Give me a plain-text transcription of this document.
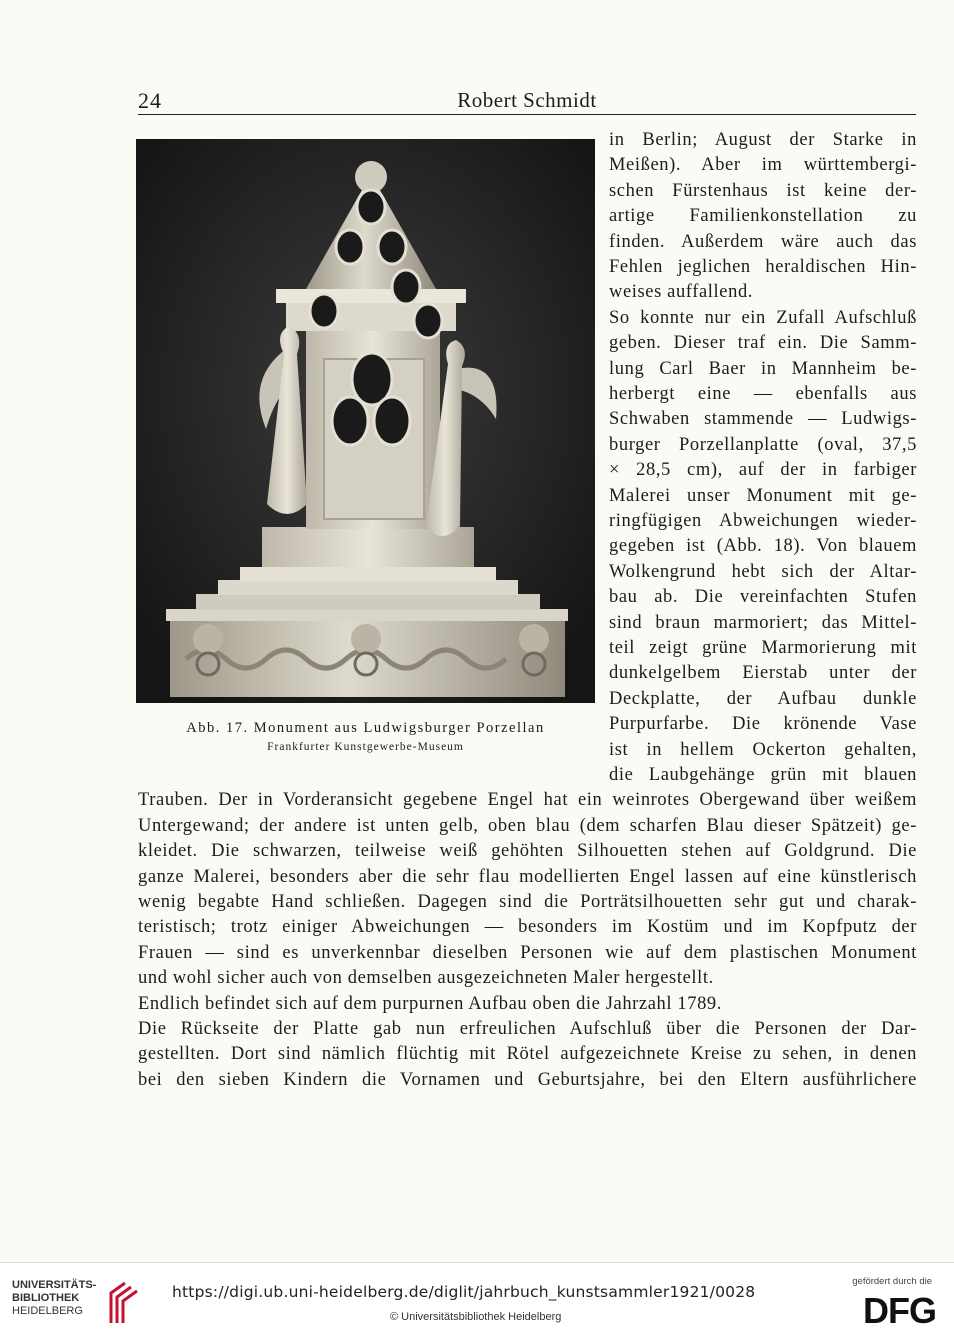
24	Robert Schmidt
Abb. 17. Monument aus Ludwigsburger Porzellan
Frankfurter Kunstgewerbe-Museum

in Berlin; August der Starke in

Meißen). Aber im württembergi-

schen Fürstenhaus ist keine der-

artige Familienkonstellation zu

finden. Außerdem wäre auch das

Fehlen jeglichen heraldischen Hin-

weises auffallend.

So konnte nur ein Zufall Aufschluß

geben. Dieser traf ein. Die Samm-

lung Carl Baer in Mannheim be-

herbergt eine — ebenfalls aus

Schwaben stammende — Ludwigs-

burger Porzellanplatte (oval, 37,5

× 28,5 cm), auf der in farbiger

Malerei unser Monument mit ge-

ringfügigen Abweichungen wieder-

gegeben ist (Abb. 18). Von blauem

Wolkengrund hebt sich der Altar-

bau ab. Die vereinfachten Stufen

sind braun marmoriert; das Mittel-

teil zeigt grüne Marmorierung mit

dunkelgelbem Eierstab unter der

Deckplatte, der Aufbau dunkle

Purpurfarbe. Die krönende Vase

ist in hellem Ockerton gehalten,

die Laubgehänge grün mit blauen

Trauben. Der in Vorderansicht gegebene Engel hat ein weinrotes Obergewand über weißem

Untergewand; der andere ist unten gelb, oben blau (dem scharfen Blau dieser Spätzeit) ge-

kleidet. Die schwarzen, teilweise weiß gehöhten Silhouetten stehen auf Goldgrund. Die

ganze Malerei, besonders aber die sehr flau modellierten Engel lassen auf eine künstlerisch

wenig begabte Hand schließen. Dagegen sind die Porträtsilhouetten sehr gut und charak-

teristisch; trotz einiger Abweichungen — besonders im Kostüm und im Kopfputz der

Frauen — sind es unverkennbar dieselben Personen wie auf dem plastischen Monument

und wohl sicher auch von demselben ausgezeichneten Maler hergestellt.

Endlich befindet sich auf dem purpurnen Aufbau oben die Jahrzahl 1789.

Die Rückseite der Platte gab nun erfreulichen Aufschluß über die Personen der Dar-

gestellten. Dort sind nämlich flüchtig mit Rötel aufgezeichnete Kreise zu sehen, in denen

bei den sieben Kindern die Vornamen und Geburtsjahre, bei den Eltern ausführlichere

UNIVERSITÄTS-
BIBLIOTHEK
HEIDELBERG
https://digi.ub.uni-heidelberg.de/diglit/jahrbuch_kunstsammler1921/0028
© Universitätsbibliothek Heidelberg
gefördert durch die
DFG
